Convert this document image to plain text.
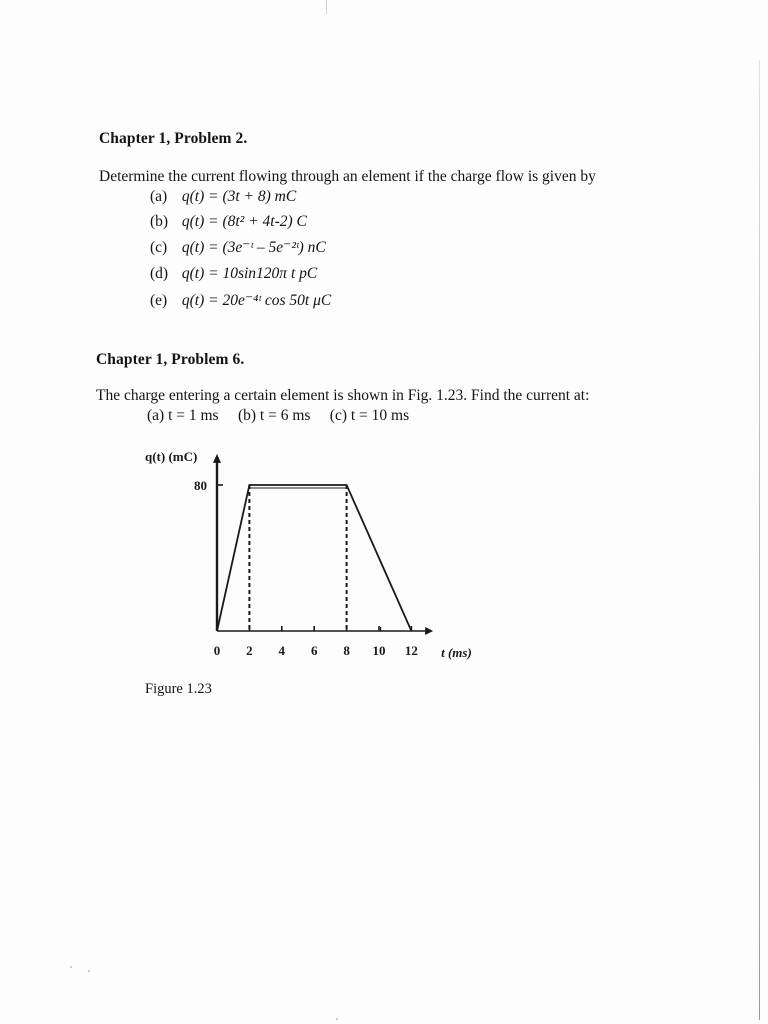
Chapter 1, Problem 2.
Determine the current flowing through an element if the charge flow is given by
(a) q(t) = (3t + 8) mC
(b) q(t) = (8t² + 4t-2) C
(c) q(t) = (3e⁻ᵗ – 5e⁻²ᵗ) nC
(d) q(t) = 10sin120π t pC
(e) q(t) = 20e⁻⁴ᵗ cos 50t μC
Chapter 1, Problem 6.
The charge entering a certain element is shown in Fig. 1.23. Find the current at:
(a) t = 1 ms     (b) t = 6 ms     (c) t = 10 ms
0 2 4 6 8 10 12
80
q(t) (mC)
t (ms)
Figure 1.23
